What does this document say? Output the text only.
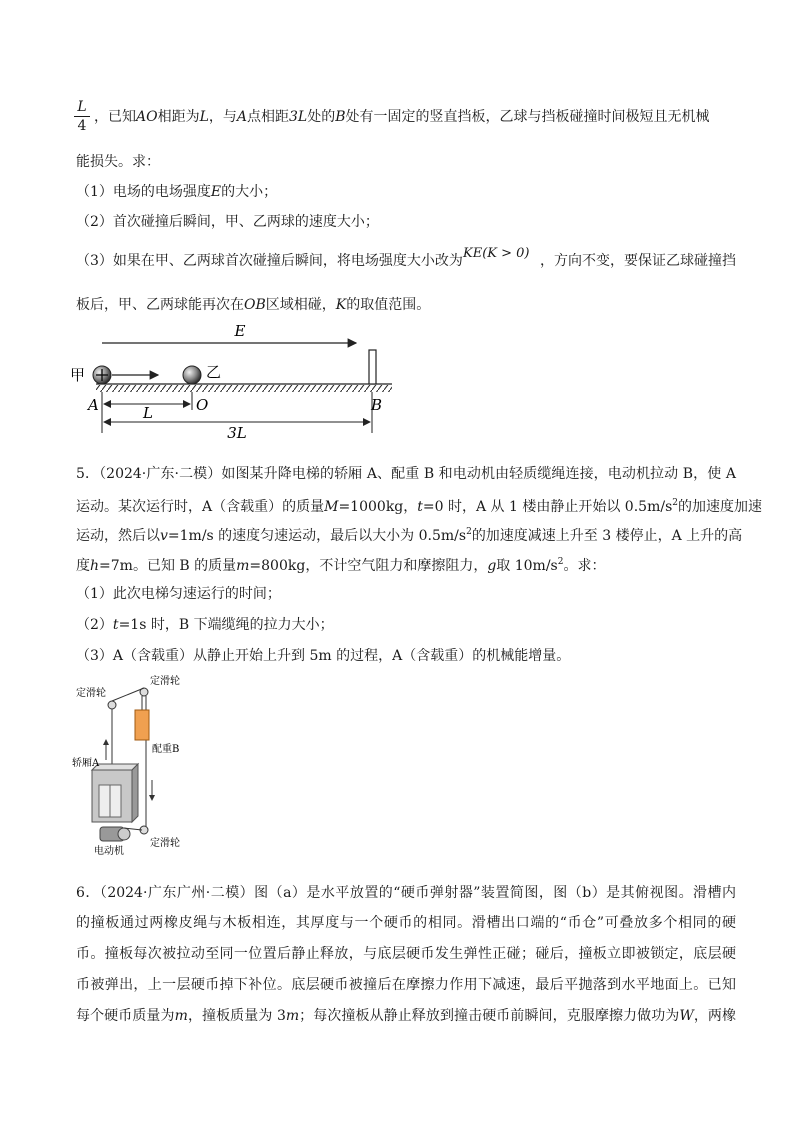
L
4
，已知AO相距为L，与A点相距3L处的B处有一固定的竖直挡板，乙球与挡板碰撞时间极短且无机械
能损失。求：
（1）电场的电场强度E的大小；
（2）首次碰撞后瞬间，甲、乙两球的速度大小；
（3）如果在甲、乙两球首次碰撞后瞬间，将电场强度大小改为 KE(K > 0) ，方向不变，要保证乙球碰撞挡
板后，甲、乙两球能再次在OB区域相碰，K的取值范围。
E
甲	乙
A	O	B
L
3L
5．（2024·广东·二模）如图某升降电梯的轿厢 A、配重 B 和电动机由轻质缆绳连接，电动机拉动 B，使 A
运动。某次运行时，A（含载重）的质量M=1000kg，t=0 时，A 从 1 楼由静止开始以 $0.5m/s^2$的加速度加速
运动，然后以v=1m/s 的速度匀速运动，最后以大小为 $0.5m/s^2$的加速度减速上升至 3 楼停止，A 上升的高
度h=7m。已知 B 的质量m=800kg，不计空气阻力和摩擦阻力，g取 $10m/s^2$。求：
（1）此次电梯匀速运行的时间；
（2）t=1s 时，B 下端缆绳的拉力大小；
（3）A（含载重）从静止开始上升到 5m 的过程，A（含载重）的机械能增量。
定滑轮
定滑轮
配重B
轿厢A
电动机
定滑轮
6．（2024·广东广州·二模）图（a）是水平放置的“硬币弹射器”装置简图，图（b）是其俯视图。滑槽内
的撞板通过两橡皮绳与木板相连，其厚度与一个硬币的相同。滑槽出口端的“币仓”可叠放多个相同的硬
币。撞板每次被拉动至同一位置后静止释放，与底层硬币发生弹性正碰；碰后，撞板立即被锁定，底层硬
币被弹出，上一层硬币掉下补位。底层硬币被撞后在摩擦力作用下减速，最后平抛落到水平地面上。已知
每个硬币质量为m，撞板质量为 3m；每次撞板从静止释放到撞击硬币前瞬间，克服摩擦力做功为W，两橡
